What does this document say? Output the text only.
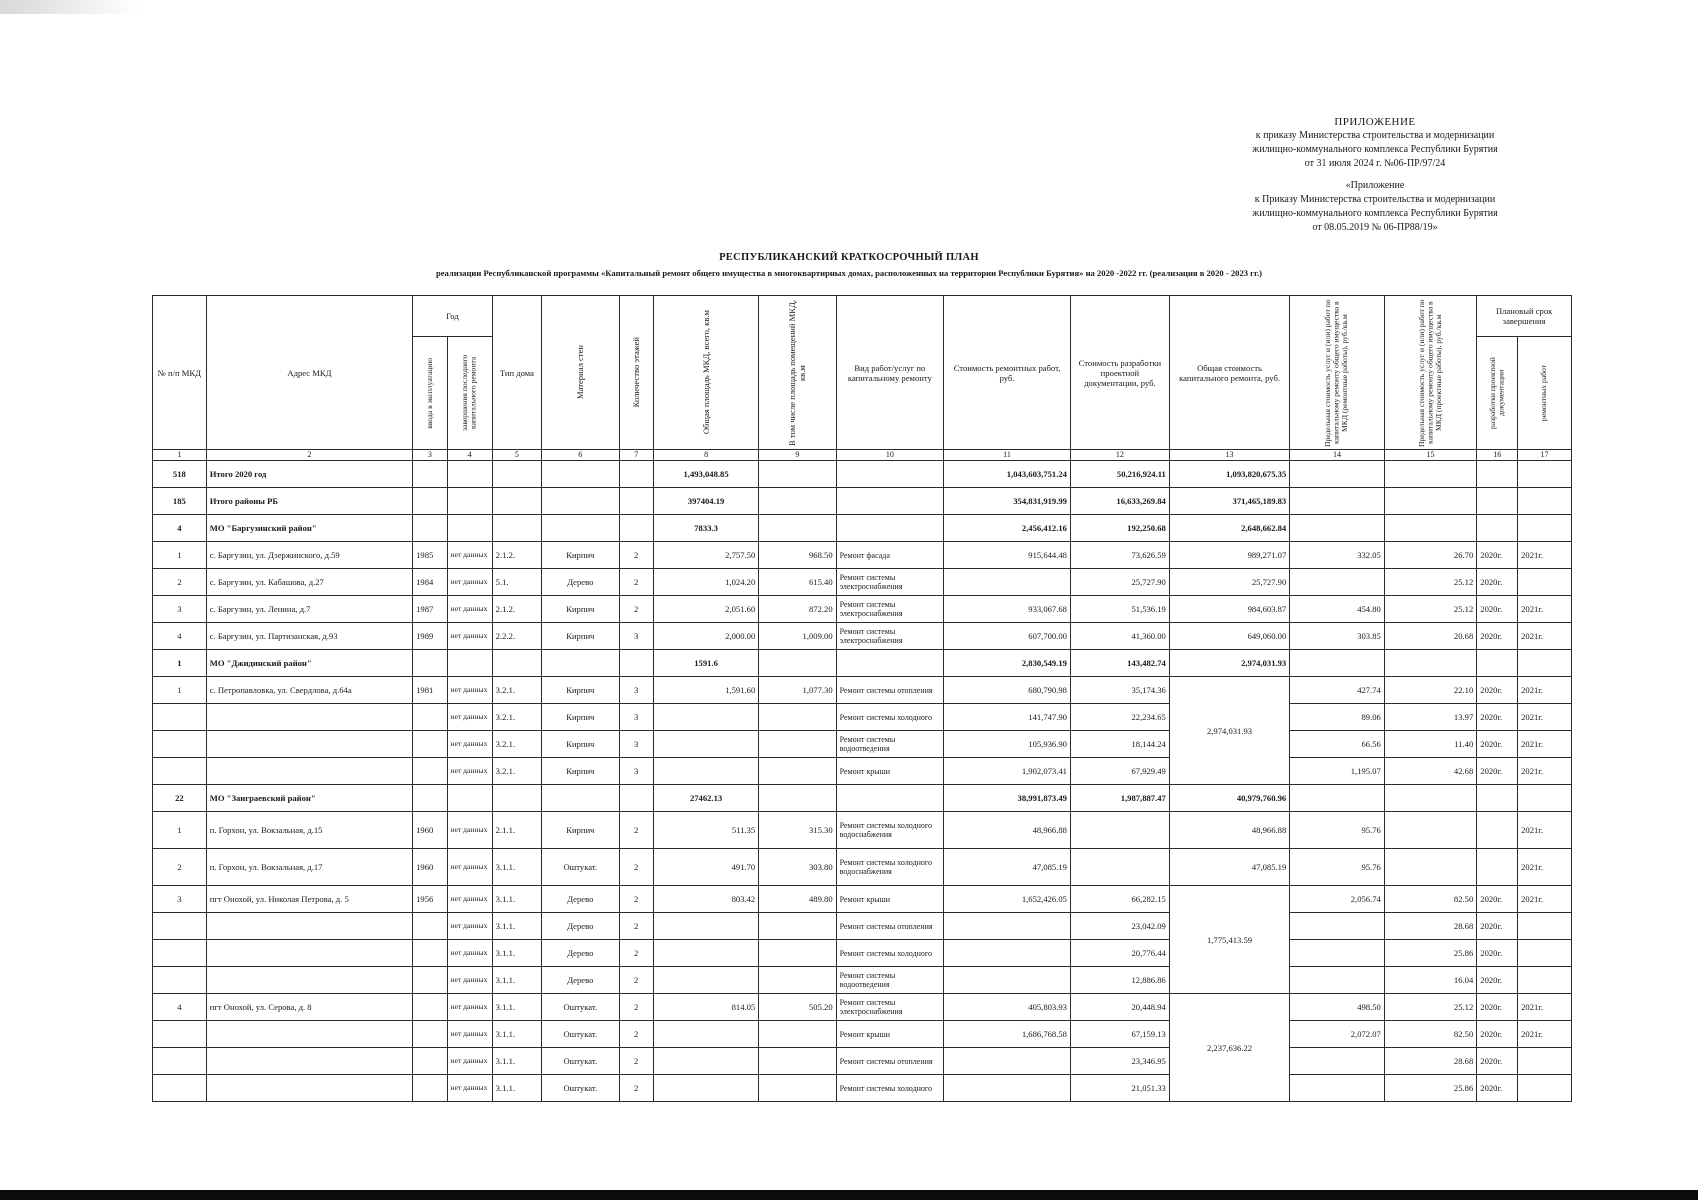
ПРИЛОЖЕНИЕ
к приказу Министерства строительства и модернизации
жилищно-коммунального комплекса Республики Бурятия
от 31 июля 2024 г. №06-ПР/97/24
«Приложение
к Приказу Министерства строительства и модернизации
жилищно-коммунального комплекса Республики Бурятия
от 08.05.2019 № 06-ПР88/19»
РЕСПУБЛИКАНСКИЙ КРАТКОСРОЧНЫЙ ПЛАН
реализации Республиканской программы «Капитальный ремонт общего имущества в многоквартирных домах, расположенных на территории Республики Бурятия» на 2020 -2022 гг. (реализация в 2020 - 2023 гг.)
№ п/п МКД	Адрес МКД	Год		Тип дома	Материал стен	Количество этажей	Общая площадь МКД, всего, кв.м	В том числе площадь помещений МКД, кв.м	Вид работ/услуг по капитальному ремонту	Стоимость ремонтных работ, руб.	Стоимость разработки проектной документации, руб.	Общая стоимость капитального ремонта, руб.	Предельная стоимость услуг и (или) работ по капитальному ремонту общего имущества в МКД (ремонтные работы), руб./кв.м	Предельная стоимость услуг и (или) работ по капитальному ремонту общего имущества в МКД (проектные работы), руб./кв.м	Плановый срок завершения	

		ввода в эксплуатацию	завершения последнего капитального ремонта												разработки проектной документации	ремонтных работ

1	2	3	4	5	6	7	8	9	10	11	12	13	14	15	16	17
518	Итого 2020 год						1,493,048.85			1,043,603,751.24	50,216,924.11	1,093,820,675.35				
185	Итого районы РБ						397404.19			354,831,919.99	16,633,269.84	371,465,189.83				
4	МО "Баргузинский район"						7833.3			2,456,412.16	192,250.68	2,648,662.84				
1	с. Баргузин, ул. Дзержинского, д.59	1985	нет данных	2.1.2.	Кирпич	2	2,757.50	968.50	Ремонт фасада	915,644.48	73,626.59	989,271.07	332.05	26.70	2020г.	2021г.
2	с. Баргузин, ул. Кабашова, д.27	1984	нет данных	5.1.	Дерево	2	1,024.20	615.40	Ремонт системы электроснабжения		25,727.90	25,727.90		25.12	2020г.	
3	с. Баргузин, ул. Ленина, д.7	1987	нет данных	2.1.2.	Кирпич	2	2,051.60	872.20	Ремонт системы электроснабжения	933,067.68	51,536.19	984,603.87	454.80	25.12	2020г.	2021г.
4	с. Баргузин, ул. Партизанская, д.93	1989	нет данных	2.2.2.	Кирпич	3	2,000.00	1,009.00	Ремонт системы электроснабжения	607,700.00	41,360.00	649,060.00	303.85	20.68	2020г.	2021г.
1	МО "Джидинский район"						1591.6			2,830,549.19	143,482.74	2,974,031.93				
1	с. Петропавловка, ул. Свердлова, д.64а	1981	нет данных	3.2.1.	Кирпич	3	1,591.60	1,077.30	Ремонт системы отопления	680,790.98	35,174.36	2,974,031.93	427.74	22.10	2020г.	2021г.
			нет данных	3.2.1.	Кирпич	3			Ремонт системы холодного	141,747.90	22,234.65		89.06	13.97	2020г.	2021г.
			нет данных	3.2.1.	Кирпич	3			Ремонт системы водоотведения	105,936.90	18,144.24		66.56	11.40	2020г.	2021г.
			нет данных	3.2.1.	Кирпич	3			Ремонт крыши	1,902,073.41	67,929.49		1,195.07	42.68	2020г.	2021г.
22	МО "Заиграевский район"						27462.13			38,991,873.49	1,987,887.47	40,979,760.96				
1	п. Горхон, ул. Вокзальная, д.15	1960	нет данных	2.1.1.	Кирпич	2	511.35	315.30	Ремонт системы холодного водоснабжения	48,966.88		48,966.88	95.76			2021г.
2	п. Горхон, ул. Вокзальная, д.17	1960	нет данных	3.1.1.	Оштукат.	2	491.70	303.80	Ремонт системы холодного водоснабжения	47,085.19		47,085.19	95.76			2021г.
3	пгт Онохой, ул. Николая Петрова, д. 5	1956	нет данных	3.1.1.	Дерево	2	803.42	489.80	Ремонт крыши	1,652,426.05	66,282.15	1,775,413.59	2,056.74	82.50	2020г.	2021г.
			нет данных	3.1.1.	Дерево	2			Ремонт системы отопления		23,042.09			28.68	2020г.	
			нет данных	3.1.1.	Дерево	2			Ремонт системы холодного		20,776.44			25.86	2020г.	
			нет данных	3.1.1.	Дерево	2			Ремонт системы водоотведения		12,886.86			16.04	2020г.	
4	пгт Онохой, ул. Серова, д. 8		нет данных	3.1.1.	Оштукат.	2	814.05	505.20	Ремонт системы электроснабжения	405,803.93	20,448.94	2,237,636.22	498.50	25.12	2020г.	2021г.
			нет данных	3.1.1.	Оштукат.	2			Ремонт крыши	1,686,768.58	67,159.13		2,072.07	82.50	2020г.	2021г.
			нет данных	3.1.1.	Оштукат.	2			Ремонт системы отопления		23,346.95			28.68	2020г.	
			нет данных	3.1.1.	Оштукат.	2			Ремонт системы холодного		21,051.33			25.86	2020г.	
